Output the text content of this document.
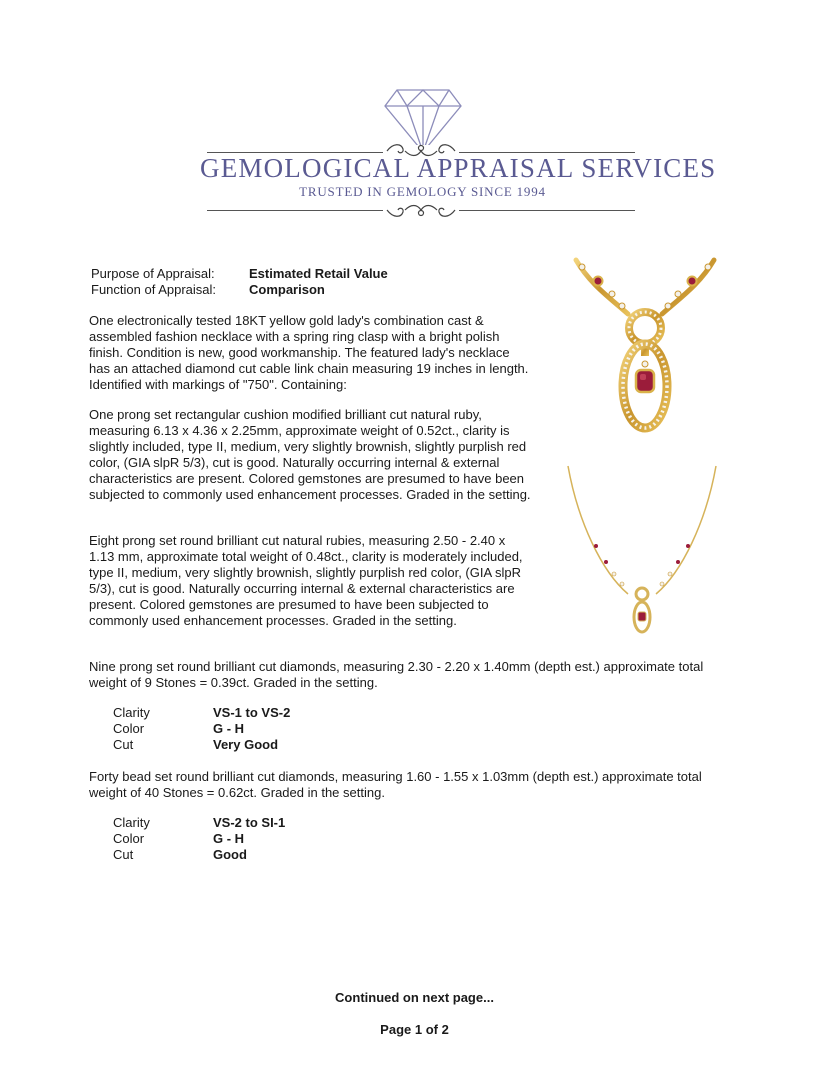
GEMOLOGICAL APPRAISAL SERVICES
TRUSTED IN GEMOLOGY SINCE 1994
Purpose of Appraisal:	Estimated Retail Value
Function of Appraisal:	Comparison

One electronically tested 18KT yellow gold lady's combination cast & assembled fashion necklace with a spring ring clasp with a bright polish finish. Condition is new, good workmanship. The featured lady's necklace has an attached diamond cut cable link chain measuring 19 inches in length. Identified with markings of "750". Containing:

One prong set rectangular cushion modified brilliant cut natural ruby, measuring 6.13 x 4.36 x 2.25mm, approximate weight of 0.52ct., clarity is slightly included, type II, medium, very slightly brownish, slightly purplish red color, (GIA slpR 5/3), cut is good. Naturally occurring internal & external characteristics are present. Colored gemstones are presumed to have been subjected to commonly used enhancement processes. Graded in the setting.

Eight prong set round brilliant cut natural rubies, measuring 2.50 - 2.40 x 1.13 mm, approximate total weight of 0.48ct., clarity is moderately included, type II, medium, very slightly brownish, slightly purplish red color, (GIA slpR 5/3), cut is good. Naturally occurring internal & external characteristics are present. Colored gemstones are presumed to have been subjected to commonly used enhancement processes. Graded in the setting.

Nine prong set round brilliant cut diamonds, measuring 2.30 - 2.20 x 1.40mm (depth est.) approximate total weight of 9 Stones = 0.39ct. Graded in the setting.

Clarity	VS-1 to VS-2
Color	G - H
Cut	Very Good

Forty bead set round brilliant cut diamonds, measuring 1.60 - 1.55 x 1.03mm (depth est.) approximate total weight of 40 Stones = 0.62ct. Graded in the setting.

Clarity	VS-2 to SI-1
Color	G - H
Cut	Good
Continued on next page...
Page 1 of 2
